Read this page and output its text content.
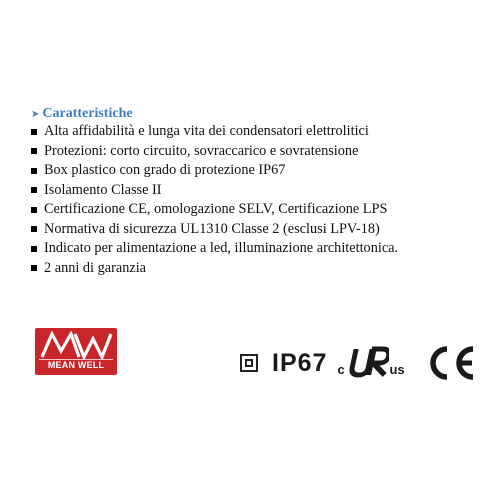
➤ Caratteristiche
Alta affidabilità e lunga vita dei condensatori elettrolitici
Protezioni: corto circuito, sovraccarico e sovratensione
Box plastico con grado di protezione IP67
Isolamento Classe II
Certificazione CE, omologazione SELV, Certificazione LPS
Normativa di sicurezza UL1310 Classe 2 (esclusi LPV-18)
Indicato per alimentazione a led, illuminazione architettonica.
2 anni di garanzia
MEAN WELL	IP67 c	us
